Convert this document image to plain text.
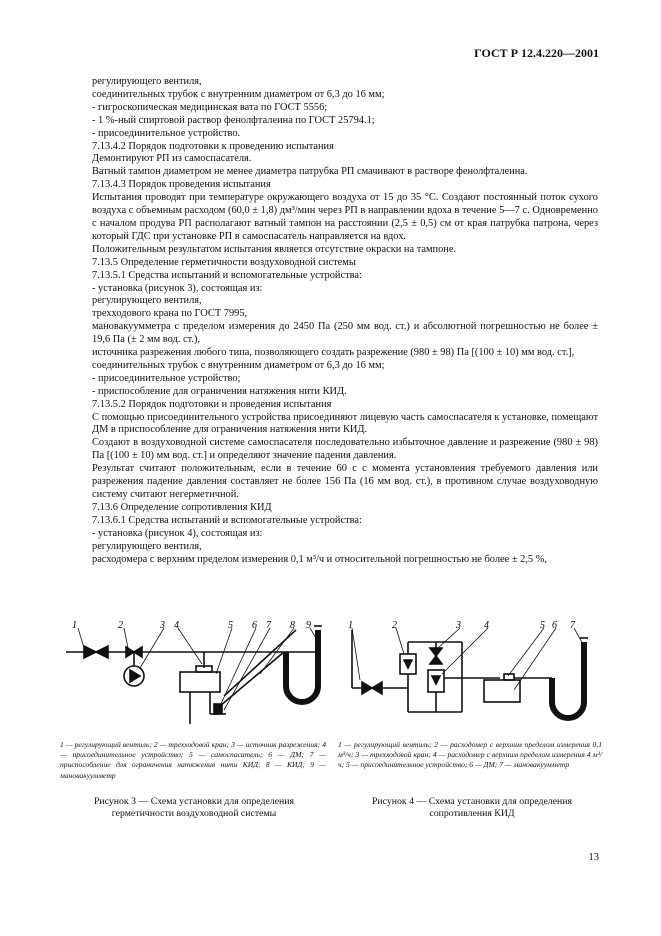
ГОСТ Р 12.4.220—2001

регулирующего вентиля,

соединительных трубок с внутренним диаметром от 6,3 до 16 мм;

- гигроскопическая медицинская вата по ГОСТ 5556;

- 1 %-ный спиртовой раствор фенолфталеина по ГОСТ 25794.1;

- присоединительное устройство.

7.13.4.2 Порядок подготовки к проведению испытания

Демонтируют РП из самоспасателя.

Ватный тампон диаметром не менее диаметра патрубка РП смачивают в растворе фенолфталеина.

7.13.4.3 Порядок проведения испытания

Испытания проводят при температуре окружающего воздуха от 15 до 35 °С. Создают постоянный поток сухого воздуха с объемным расходом (60,0 ± 1,8) дм³/мин через РП в направлении вдоха в течение 5—7 с. Одновременно с началом продува РП располагают ватный тампон на расстоянии (2,5 ± 0,5) см от края патрубка патрона, через который ГДС при установке РП в самоспасатель направляется на вдох.

Положительным результатом испытания является отсутствие окраски на тампоне.

7.13.5 Определение герметичности воздуховодной системы

7.13.5.1 Средства испытаний и вспомогательные устройства:

- установка (рисунок 3), состоящая из:

регулирующего вентиля,

трехходового крана по ГОСТ 7995,

мановакуумметра с пределом измерения до 2450 Па (250 мм вод. ст.) и абсолютной погрешностью не более ± 19,6 Па (± 2 мм вод. ст.),

источника разрежения любого типа, позволяющего создать разрежение (980 ± 98) Па [(100 ± 10) мм вод. ст.],

соединительных трубок с внутренним диаметром от 6,3 до 16 мм;

- присоединительное устройство;

- приспособление для ограничения натяжения нити КИД.

7.13.5.2 Порядок подготовки и проведения испытания

С помощью присоединительного устройства присоединяют лицевую часть самоспасателя к установке, помещают ДМ в приспособление для ограничения натяжения нити КИД.

Создают в воздуховодной системе самоспасателя последовательно избыточное давление и разрежение (980 ± 98) Па [(100 ± 10) мм вод. ст.] и определяют значение падения давления.

Результат считают положительным, если в течение 60 с с момента установления требуемого давления или разрежения падение давления составляет не более 156 Па (16 мм вод. ст.), в противном случае воздуховодную систему считают негерметичной.

7.13.6 Определение сопротивления КИД

7.13.6.1 Средства испытаний и вспомогательные устройства:

- установка (рисунок 4), состоящая из:

регулирующего вентиля,

расходомера с верхним пределом измерения 0,1 м³/ч и относительной погрешностью не более ± 2,5 %,

1	2	3 4	5 6 7 8 9	1	2	3 4	5 6 7
1 — регулирующий вентиль; 2 — трехходовой кран; 3 — источник разрежения; 4 — присоединительное устройство; 5 — самоспасатель; 6 — ДМ; 7 — приспособление для ограничения натяжения нити КИД; 8 — КИД; 9 — мановакуумметр
1 — регулирующий вентиль; 2 — расходомер с верхним пределом измерения 0,1 м³/ч; 3 — трехходовой кран; 4 — расходомер с верхним пределом измерения 4 м³/ч; 5 — присоединительное устройство; 6 — ДМ; 7 — мановакуумметр
Рисунок 3 — Схема установки для определения герметичности воздуховодной системы
Рисунок 4 — Схема установки для определения сопротивления КИД
13
